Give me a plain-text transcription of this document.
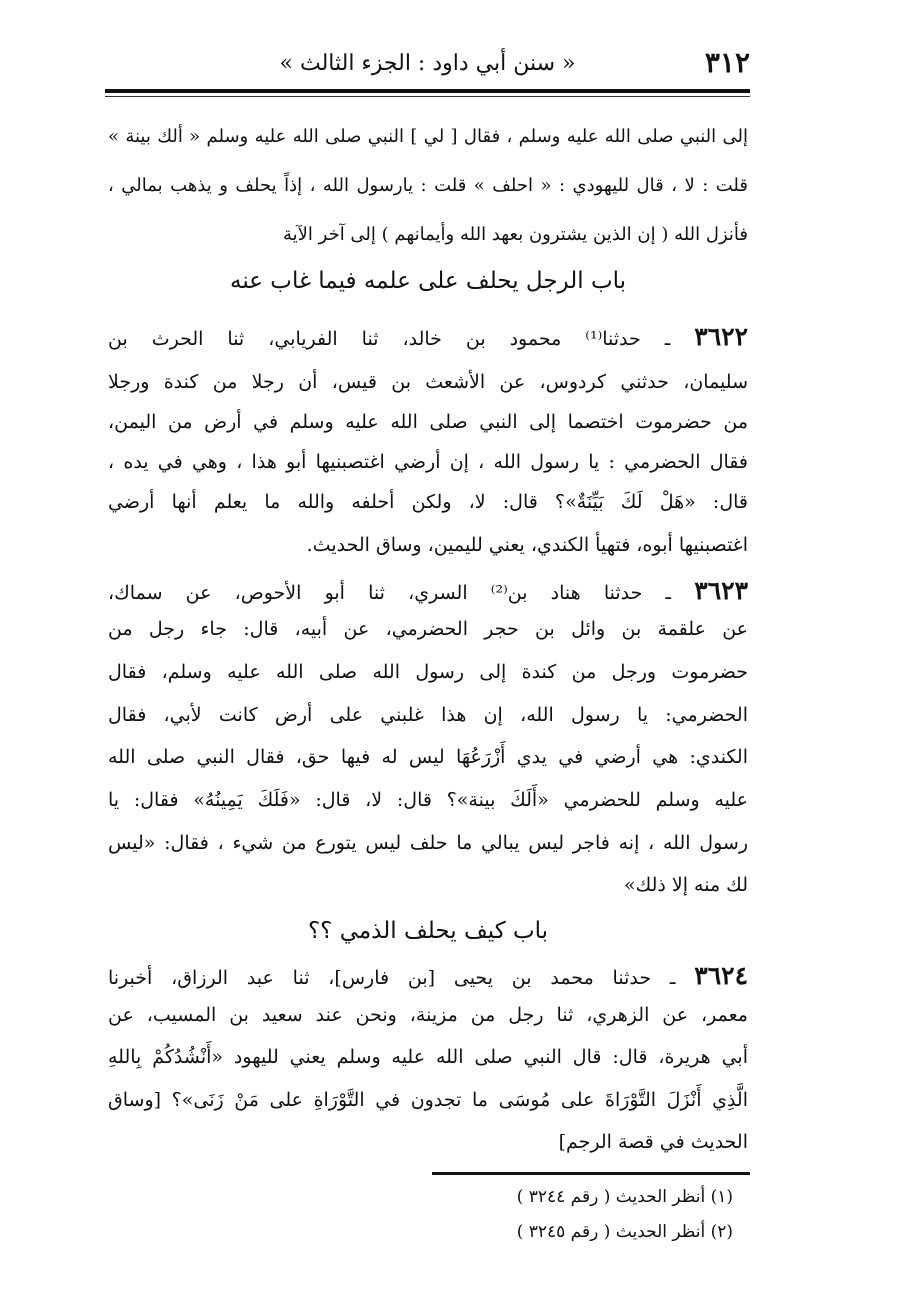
٣١٢
« سنن أبي داود : الجزء الثالث »
إلى النبي صلى الله عليه وسلم ، فقال [ لي ] النبي صلى الله عليه وسلم « ألك بينة »
قلت : لا ، قال لليهودي : « احلف » قلت : يارسول الله ، إذاً يحلف و يذهب بمالي ،
فأنزل الله ( إن الذين يشترون بعهد الله وأيمانهم ) إلى آخر الآية
باب الرجل يحلف على علمه فيما غاب عنه
٣٦٢٢ ـ حدثنا⁽¹⁾ محمود بن خالد، ثنا الفريابي، ثنا الحرث بن
سليمان، حدثني كردوس، عن الأشعث بن قيس، أن رجلا من كندة ورجلا
من حضرموت اختصما إلى النبي صلى الله عليه وسلم في أرض من اليمن،
فقال الحضرمي : يا رسول الله ، إن أرضي اغتصبنيها أبو هذا ، وهي في يده ،
قال: «هَلْ لَكَ بَيِّنَةٌ»؟ قال: لا، ولكن أحلفه والله ما يعلم أنها أرضي
اغتصبنيها أبوه، فتهيأ الكندي، يعني لليمين، وساق الحديث.
٣٦٢٣ ـ حدثنا هناد بن⁽²⁾ السري، ثنا أبو الأحوص، عن سماك،
عن علقمة بن وائل بن حجر الحضرمي، عن أبيه، قال: جاء رجل من
حضرموت ورجل من كندة إلى رسول الله صلى الله عليه وسلم، فقال
الحضرمي: يا رسول الله، إن هذا غلبني على أرض كانت لأبي، فقال
الكندي: هي أرضي في يدي أَزْرَعُهَا ليس له فيها حق، فقال النبي صلى الله
عليه وسلم للحضرمي «أَلَكَ بينة»؟ قال: لا، قال: «فَلَكَ يَمِينُهُ» فقال: يا
رسول الله ، إنه فاجر ليس يبالي ما حلف ليس يتورع من شيء ، فقال: «ليس
لك منه إلا ذلك»
باب كيف يحلف الذمي ؟؟
٣٦٢٤ ـ حدثنا محمد بن يحيى [بن فارس]، ثنا عبد الرزاق، أخبرنا
معمر، عن الزهري، ثنا رجل من مزينة، ونحن عند سعيد بن المسيب، عن
أبي هريرة، قال: قال النبي صلى الله عليه وسلم يعني لليهود «أَنْشُدُكُمْ بِاللهِ
الَّذِي أَنْزَلَ التَّوْرَاةَ على مُوسَى ما تجدون في التَّوْرَاةِ على مَنْ زَنَى»؟ [وساق
الحديث في قصة الرجم]
(١) أنظر الحديث ( رقم ٣٢٤٤ )
(٢) أنظر الحديث ( رقم ٣٢٤٥ )
